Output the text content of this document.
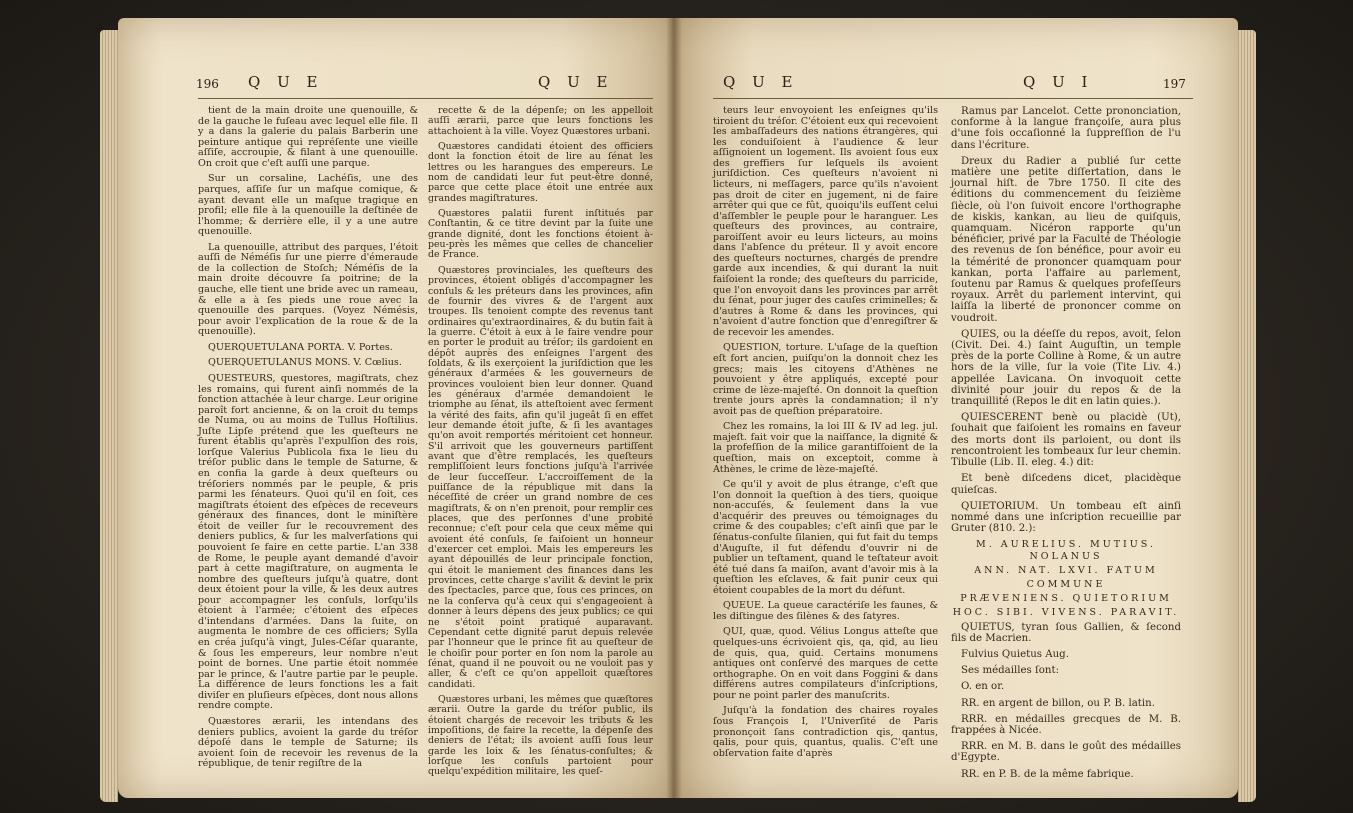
196 Q U E	Q U E

tient de la main droite une quenouille, & de la gauche le fuſeau avec lequel elle file. Il y a dans la galerie du palais Barberin une peinture antique qui repréſente une vieille aſſiſe, accroupie, & filant à une quenouille. On croit que c'eſt auſſi une parque.

Sur un corsaline, Lachéſis, une des parques, aſſiſe ſur un maſque comique, & ayant devant elle un maſque tragique en profil; elle file à la quenouille la deſtinée de l'homme; & derrière elle, il y a une autre quenouille.

La quenouille, attribut des parques, l'étoit auſſi de Néméſis ſur une pierre d'émeraude de la collection de Stoſch; Néméſis de la main droite découvre ſa poitrine; de la gauche, elle tient une bride avec un rameau, & elle a à ſes pieds une roue avec la quenouille des parques. (Voyez Némésis, pour avoir l'explication de la roue & de la quenouille).

QUERQUETULANA PORTA. V. Portes.

QUERQUETULANUS MONS. V. Cœlius.

QUESTEURS, questores, magiſtrats, chez les romains, qui furent ainſi nommés de la fonction attachée à leur charge. Leur origine paroît fort ancienne, & on la croit du temps de Numa, ou au moins de Tullus Hoſtilius. Juſte Lipſe prétend que les queſteurs ne furent établis qu'après l'expulſion des rois, lorſque Valerius Publicola fixa le lieu du tréſor public dans le temple de Saturne, & en confia la garde à deux queſteurs ou tréſoriers nommés par le peuple, & pris parmi les ſénateurs. Quoi qu'il en ſoit, ces magiſtrats étoient des eſpèces de receveurs généraux des finances, dont le miniſtère étoit de veiller ſur le recouvrement des deniers publics, & ſur les malverſations qui pouvoient ſe faire en cette partie. L'an 338 de Rome, le peuple ayant demandé d'avoir part à cette magiſtrature, on augmenta le nombre des queſteurs juſqu'à quatre, dont deux étoient pour la ville, & les deux autres pour accompagner les conſuls, lorſqu'ils étoient à l'armée; c'étoient des eſpèces d'intendans d'armées. Dans la ſuite, on augmenta le nombre de ces officiers; Sylla en créa juſqu'à vingt, Jules-Céſar quarante, & ſous les empereurs, leur nombre n'eut point de bornes. Une partie étoit nommée par le prince, & l'autre partie par le peuple. La différence de leurs fonctions les a fait diviſer en pluſieurs eſpèces, dont nous allons rendre compte.

Quæstores ærarii, les intendans des deniers publics, avoient la garde du tréſor dépoſé dans le temple de Saturne; ils avoient ſoin de recevoir les revenus de la république, de tenir regiſtre de la

recette & de la dépenſe; on les appelloit auſſi ærarii, parce que leurs fonctions les attachoient à la ville. Voyez Quæstores urbani.

Quæstores candidati étoient des officiers dont la fonction étoit de lire au ſénat les lettres ou les harangues des empereurs. Le nom de candidati leur fut peut-être donné, parce que cette place étoit une entrée aux grandes magiſtratures.

Quæstores palatii furent inſtitués par Conſtantin, & ce titre devint par la ſuite une grande dignité, dont les fonctions étoient à-peu-près les mêmes que celles de chancelier de France.

Quæstores provinciales, les queſteurs des provinces, étoient obligés d'accompagner les conſuls & les préteurs dans les provinces, afin de fournir des vivres & de l'argent aux troupes. Ils tenoient compte des revenus tant ordinaires qu'extraordinaires, & du butin fait à la guerre. C'étoit à eux à le faire vendre pour en porter le produit au tréſor; ils gardoient en dépôt auprès des enſeignes l'argent des ſoldats, & ils exerçoient la juriſdiction que les généraux d'armées & les gouverneurs de provinces vouloient bien leur donner. Quand les généraux d'armée demandoient le triomphe au ſénat, ils atteſtoient avec ſerment la vérité des faits, afin qu'il jugeât ſi en effet leur demande étoit juſte, & ſi les avantages qu'on avoit remportés méritoient cet honneur. S'il arrivoit que les gouverneurs partiſſent avant que d'être remplacés, les queſteurs rempliſſoient leurs fonctions juſqu'à l'arrivée de leur ſucceſſeur. L'accroiſſement de la puiſſance de la république mit dans la néceſſité de créer un grand nombre de ces magiſtrats, & on n'en prenoit, pour remplir ces places, que des perſonnes d'une probité reconnue; c'eſt pour cela que ceux même qui avoient été conſuls, ſe faiſoient un honneur d'exercer cet emploi. Mais les empereurs les ayant dépouillés de leur principale fonction, qui étoit le maniement des finances dans les provinces, cette charge s'avilit & devint le prix des ſpectacles, parce que, ſous ces princes, on ne la conſerva qu'à ceux qui s'engageoient à donner à leurs dépens des jeux publics; ce qui ne s'étoit point pratiqué auparavant. Cependant cette dignité parut depuis relevée par l'honneur que le prince fit au queſteur de le choiſir pour porter en ſon nom la parole au ſénat, quand il ne pouvoit ou ne vouloit pas y aller, & c'eſt ce qu'on appelloit quæſtores candidati.

Quæstores urbani, les mêmes que quæſtores ærarii. Outre la garde du tréſor public, ils étoient chargés de recevoir les tributs & les impoſitions, de faire la recette, la dépenſe des deniers de l'état; ils avoient auſſi ſous leur garde les loix & les ſénatus-conſultes; & lorſque les conſuls partoient pour quelqu'expédition militaire, les queſ-

Q U E	Q U I	197

teurs leur envoyoient les enſeignes qu'ils tiroient du tréſor. C'étoient eux qui recevoient les ambaſſadeurs des nations étrangères, qui les conduiſoient à l'audience & leur aſſignoient un logement. Ils avoient ſous eux des greffiers ſur leſquels ils avoient juriſdiction. Ces queſteurs n'avoient ni licteurs, ni meſſagers, parce qu'ils n'avoient pas droit de citer en jugement, ni de faire arrêter qui que ce fût, quoiqu'ils euſſent celui d'aſſembler le peuple pour le haranguer. Les queſteurs des provinces, au contraire, paroiſſent avoir eu leurs licteurs, au moins dans l'abſence du préteur. Il y avoit encore des queſteurs nocturnes, chargés de prendre garde aux incendies, & qui durant la nuit faiſoient la ronde; des queſteurs du parricide, que l'on envoyoit dans les provinces par arrêt du ſénat, pour juger des cauſes criminelles; & d'autres à Rome & dans les provinces, qui n'avoient d'autre fonction que d'enregiſtrer & de recevoir les amendes.

QUESTION, torture. L'uſage de la queſtion eſt fort ancien, puiſqu'on la donnoit chez les grecs; mais les citoyens d'Athènes ne pouvoient y être appliqués, excepté pour crime de lèze-majeſté. On donnoit la queſtion trente jours après la condamnation; il n'y avoit pas de queſtion préparatoire.

Chez les romains, la loi III & IV ad leg. jul. majeſt. fait voir que la naiſſance, la dignité & la profeſſion de la milice garantiſſoient de la queſtion, mais on exceptoit, comme à Athènes, le crime de lèze-majeſté.

Ce qu'il y avoit de plus étrange, c'eſt que l'on donnoit la queſtion à des tiers, quoique non-accuſés, & ſeulement dans la vue d'acquérir des preuves ou témoignages du crime & des coupables; c'eſt ainſi que par le ſénatus-conſulte ſilanien, qui fut fait du temps d'Auguſte, il fut défendu d'ouvrir ni de publier un teſtament, quand le teſtateur avoit été tué dans ſa maiſon, avant d'avoir mis à la queſtion les eſclaves, & fait punir ceux qui étoient coupables de la mort du défunt.

QUEUE. La queue caractériſe les faunes, & les diſtingue des ſilènes & des ſatyres.

QUI, quæ, quod. Vélius Longus atteſte que quelques-uns écrivoient qis, qa, qid, au lieu de quis, qua, quid. Certains monumens antiques ont conſervé des marques de cette orthographe. On en voit dans Foggini & dans différens autres compilateurs d'inſcriptions, pour ne point parler des manuſcrits.

Juſqu'à la fondation des chaires royales ſous François I, l'Univerſité de Paris prononçoit ſans contradiction qis, qantus, qalis, pour quis, quantus, qualis. C'eſt une obſervation faite d'après

Ramus par Lancelot. Cette prononciation, conforme à la langue françoiſe, aura plus d'une fois occaſionné la ſuppreſſion de l'u dans l'écriture.

Dreux du Radier a publié ſur cette matière une petite diſſertation, dans le journal hiſt. de 7bre 1750. Il cite des éditions du commencement du ſeizième ſiècle, où l'on ſuivoit encore l'orthographe de kiskis, kankan, au lieu de quiſquis, quamquam. Nicéron rapporte qu'un bénéficier, privé par la Faculté de Théologie des revenus de ſon bénéfice, pour avoir eu la témérité de prononcer quamquam pour kankan, porta l'affaire au parlement, ſoutenu par Ramus & quelques profeſſeurs royaux. Arrêt du parlement intervint, qui laiſſa la liberté de prononcer comme on voudroit.

QUIES, ou la déeſſe du repos, avoit, ſelon (Civit. Dei. 4.) ſaint Auguſtin, un temple près de la porte Colline à Rome, & un autre hors de la ville, ſur la voie (Tite Liv. 4.) appellée Lavicana. On invoquoit cette divinité pour jouir du repos & de la tranquillité (Repos le dit en latin quies.).

QUIESCERENT benè ou placidè (Ut), ſouhait que faiſoient les romains en faveur des morts dont ils parloient, ou dont ils rencontroient les tombeaux ſur leur chemin. Tibulle (Lib. II. eleg. 4.) dit:

Et benè diſcedens dicet, placidèque quieſcas.

QUIETORIUM. Un tombeau eſt ainſi nommé dans une inſcription recueillie par Gruter (810. 2.):

M. AURELIUS. MUTIUS. NOLANUS

ANN. NAT. LXVI. FATUM

COMMUNE

PRÆVENIENS. QUIETORIUM

HOC. SIBI. VIVENS. PARAVIT.

QUIETUS, tyran ſous Gallien, & ſecond fils de Macrien.

Fulvius Quietus Aug.

Ses médailles ſont:

O. en or.

RR. en argent de billon, ou P. B. latin.

RRR. en médailles grecques de M. B. frappées à Nicée.

RRR. en M. B. dans le goût des médailles d'Egypte.

RR. en P. B. de la même fabrique.
